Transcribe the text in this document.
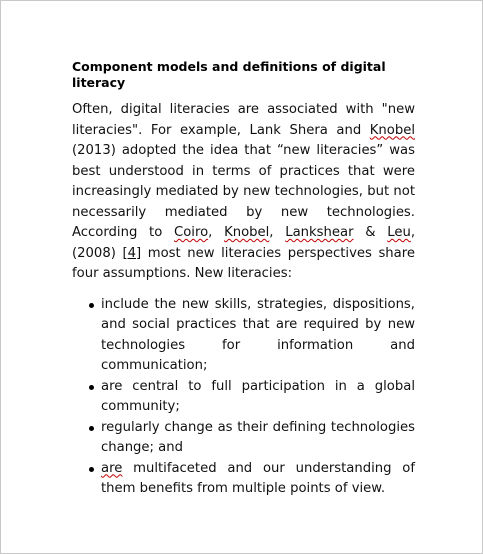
Component models and definitions of digital literacy

Often, digital literacies are associated with "new literacies". For example, Lank Shera and Knobel (2013) adopted the idea that “new literacies” was best understood in terms of practices that were increasingly mediated by new technologies, but not necessarily mediated by new technologies. According to Coiro, Knobel, Lankshear & Leu, (2008) [4] most new literacies perspectives share four assumptions. New literacies:

include the new skills, strategies, dispositions, and social practices that are required by new technologies for information and communication;
are central to full participation in a global community;
regularly change as their defining technologies change; and
are multifaceted and our understanding of them benefits from multiple points of view.
